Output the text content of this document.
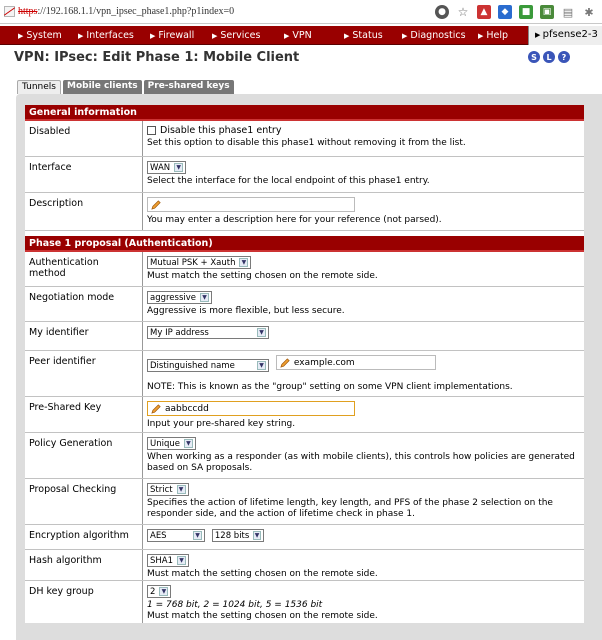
https://192.168.1.1/vpn_ipsec_phase1.php?p1index=0	● ☆	▲	◆	■	▣ ▤ ✱
▶ System ▶ Interfaces ▶ Firewall	▶ Services	▶ VPN	▶ Status	▶ Diagnostics ▶ Help	▶ pfsense2-3
VPN: IPsec: Edit Phase 1: Mobile Client	S	L	?
Tunnels	Mobile clients	Pre-shared keys
General information
Disabled	Disable this phase1 entry
Set this option to disable this phase1 without removing it from the list.
Interface	WAN	▼
Select the interface for the local endpoint of this phase1 entry.
Description
You may enter a description here for your reference (not parsed).
Phase 1 proposal (Authentication)
Authentication method
Mutual PSK + Xauth	▼
Must match the setting chosen on the remote side.
Negotiation mode	aggressive	▼
Aggressive is more flexible, but less secure.
My identifier	My IP address	▼
Peer identifier	Distinguished name	▼
	example.com
NOTE: This is known as the "group" setting on some VPN client implementations.
Pre-Shared Key	aabbccdd
Input your pre-shared key string.
Policy Generation	Unique	▼
When working as a responder (as with mobile clients), this controls how policies are generated based on SA proposals.
Proposal Checking	Strict	▼
Specifies the action of lifetime length, key length, and PFS of the phase 2 selection on the responder side, and the action of lifetime check in phase 1.
Encryption algorithm	AES	▼
128 bits ▼
Hash algorithm	SHA1	▼
Must match the setting chosen on the remote side.
DH key group	2	▼
1 = 768 bit, 2 = 1024 bit, 5 = 1536 bit
Must match the setting chosen on the remote side.
